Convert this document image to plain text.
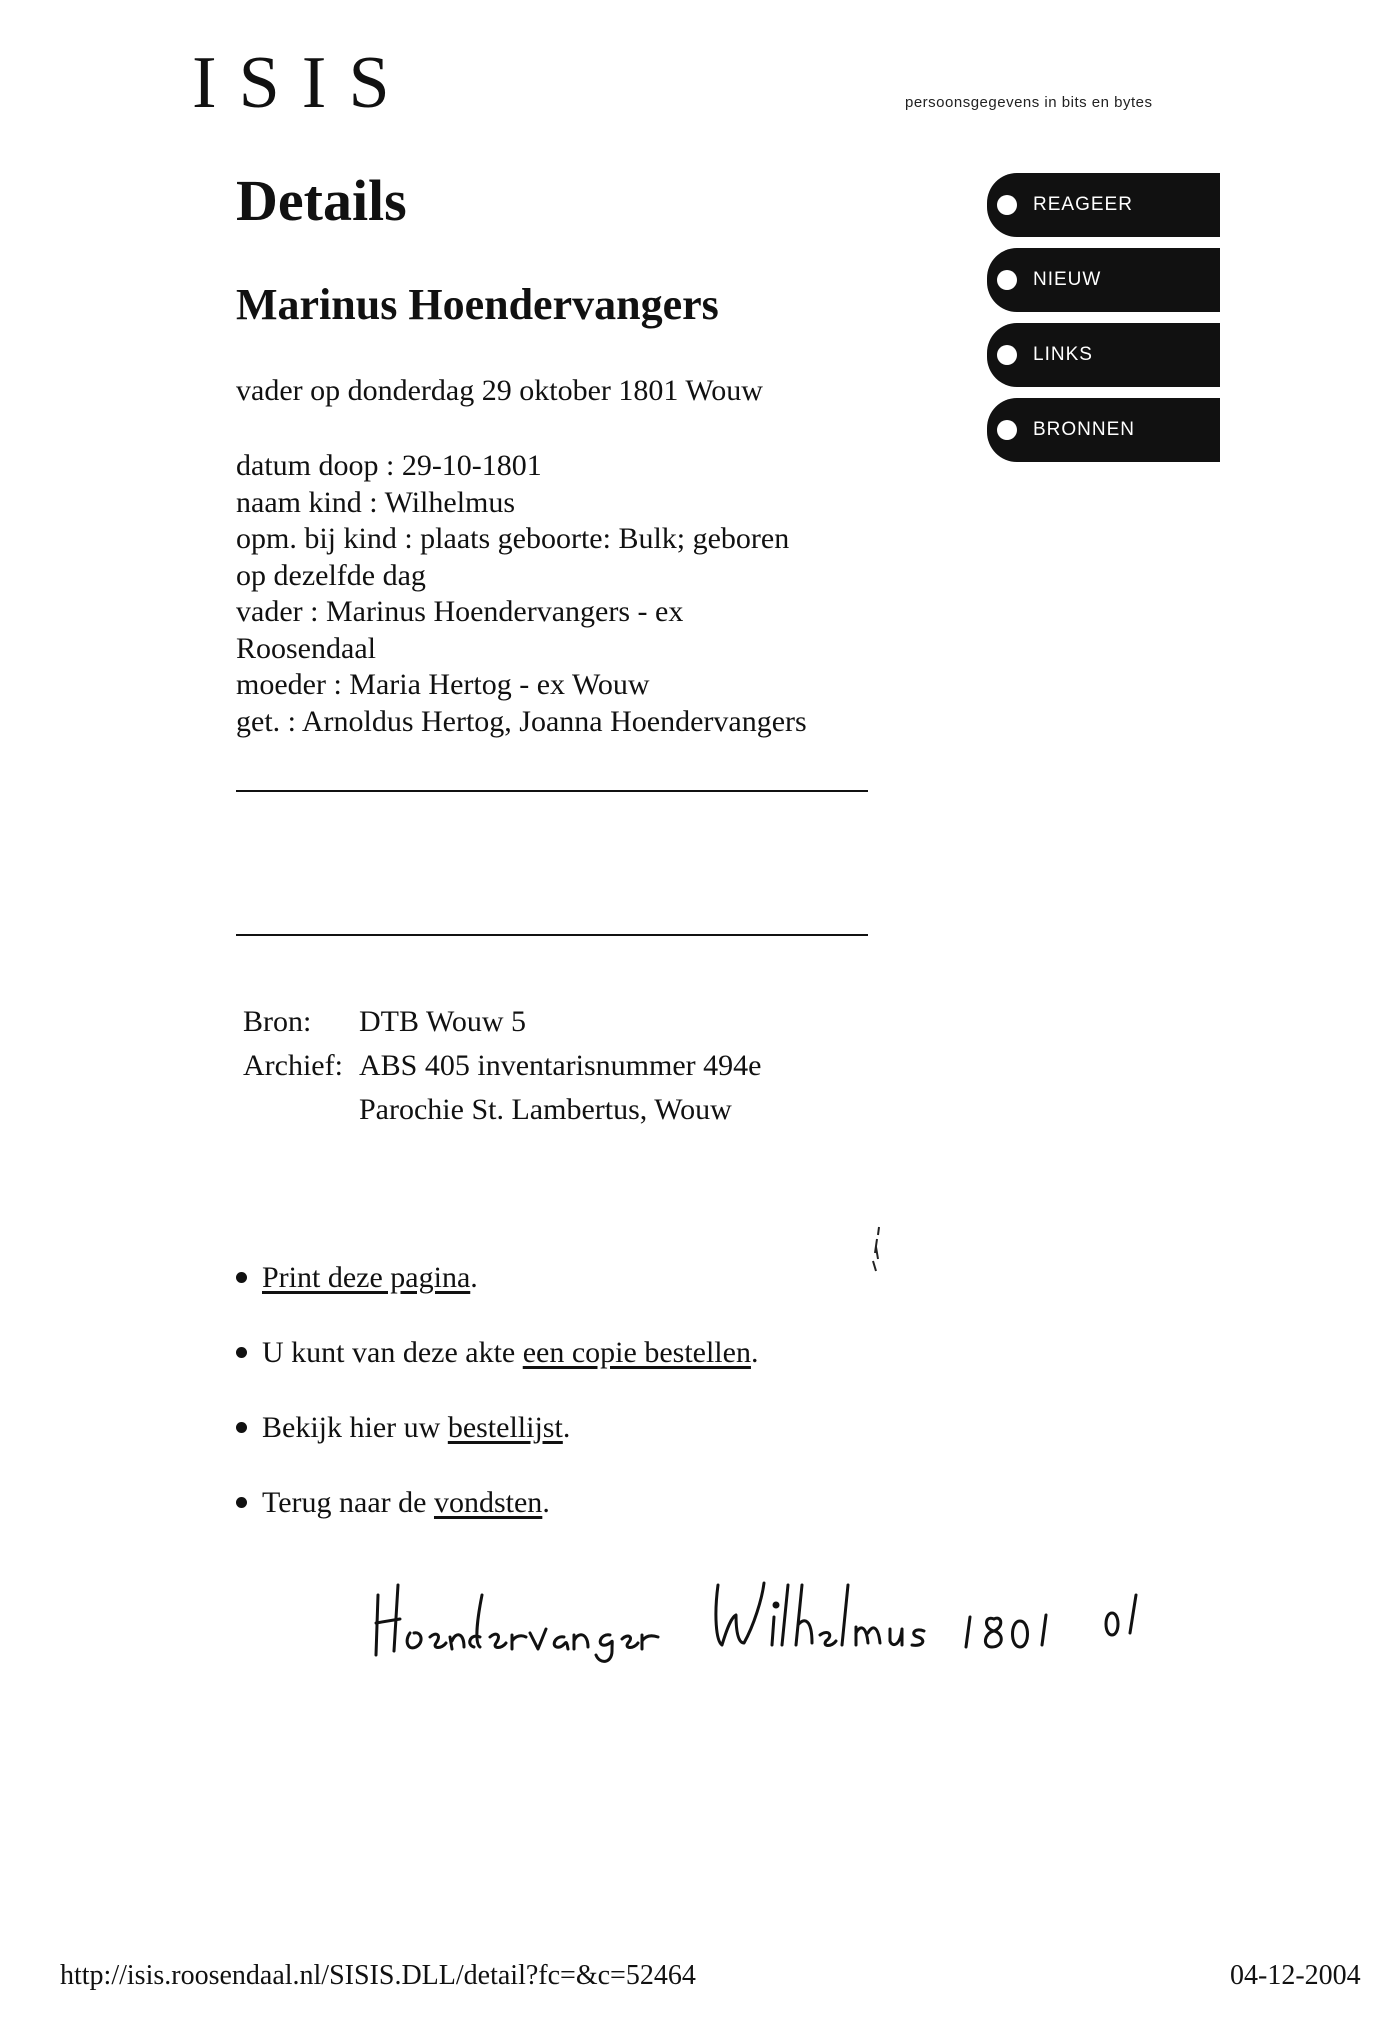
ISIS	persoonsgegevens in bits en bytes
REAGEER
NIEUW
LINKS
BRONNEN
Details
Marinus Hoendervangers
vader op donderdag 29 oktober 1801 Wouw
datum doop : 29-10-1801
naam kind : Wilhelmus
opm. bij kind : plaats geboorte: Bulk; geboren
op dezelfde dag
vader : Marinus Hoendervangers - ex
Roosendaal
moeder : Maria Hertog - ex Wouw
get. : Arnoldus Hertog, Joanna Hoendervangers
Bron:	DTB Wouw 5
Archief: ABS 405 inventarisnummer 494e
Parochie St. Lambertus, Wouw
Print deze pagina .
U kunt van deze akte een copie bestellen .
Bekijk hier uw bestellijst .
Terug naar de vondsten .
http://isis.roosendaal.nl/SISIS.DLL/detail?fc=&c=52464	04-12-2004
